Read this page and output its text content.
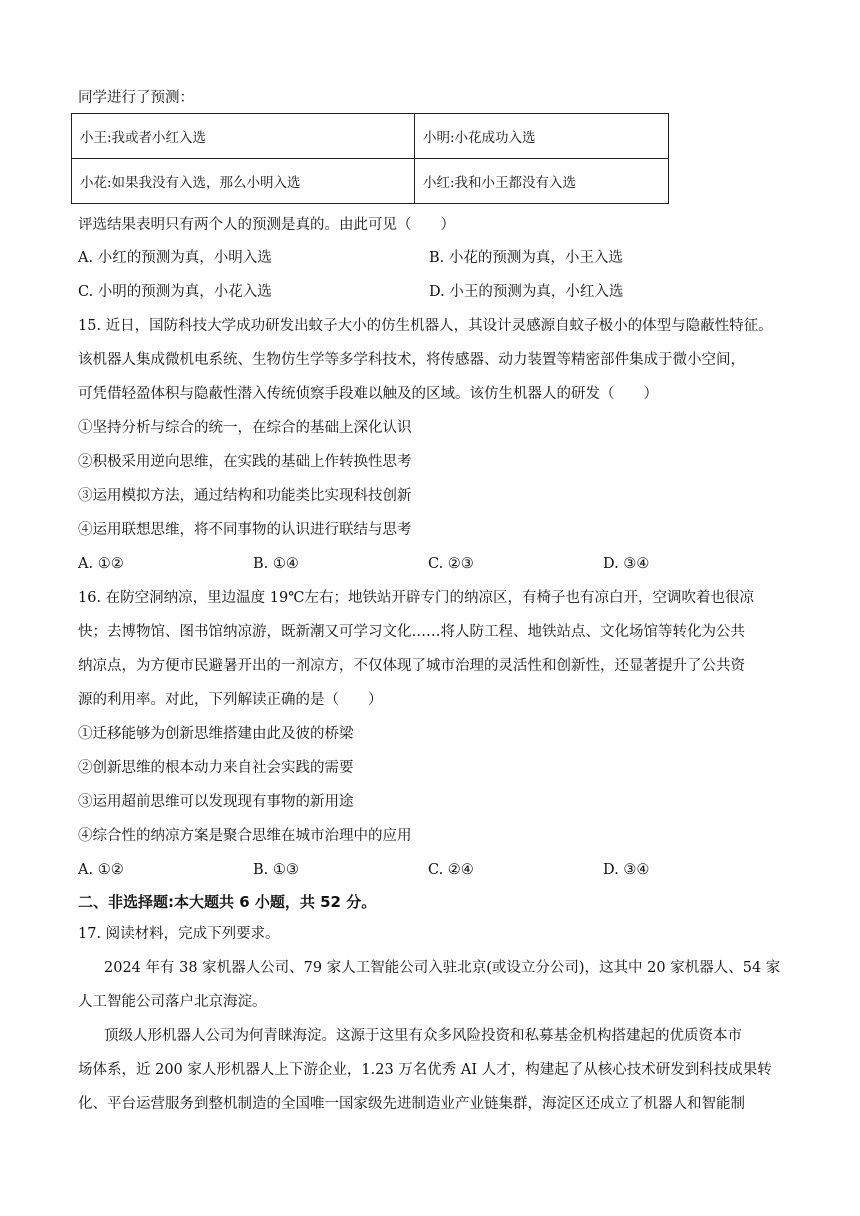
同学进行了预测：
小王:我或者小红入选	小明:小花成功入选
小花:如果我没有入选，那么小明入选	小红:我和小王都没有入选
评选结果表明只有两个人的预测是真的。由此可见（　　）
A. 小红的预测为真，小明入选	B. 小花的预测为真，小王入选
C. 小明的预测为真，小花入选	D. 小王的预测为真，小红入选
15. 近日，国防科技大学成功研发出蚊子大小的仿生机器人，其设计灵感源自蚊子极小的体型与隐蔽性特征。
该机器人集成微机电系统、生物仿生学等多学科技术，将传感器、动力装置等精密部件集成于微小空间，
可凭借轻盈体积与隐蔽性潜入传统侦察手段难以触及的区域。该仿生机器人的研发（　　）
①坚持分析与综合的统一，在综合的基础上深化认识
②积极采用逆向思维，在实践的基础上作转换性思考
③运用模拟方法，通过结构和功能类比实现科技创新
④运用联想思维，将不同事物的认识进行联结与思考
A. ①②	B. ①④	C. ②③	D. ③④
16. 在防空洞纳凉，里边温度 19℃左右；地铁站开辟专门的纳凉区，有椅子也有凉白开，空调吹着也很凉
快；去博物馆、图书馆纳凉游，既新潮又可学习文化……将人防工程、地铁站点、文化场馆等转化为公共
纳凉点，为方便市民避暑开出的一剂凉方，不仅体现了城市治理的灵活性和创新性，还显著提升了公共资
源的利用率。对此，下列解读正确的是（　　）
①迁移能够为创新思维搭建由此及彼的桥梁
②创新思维的根本动力来自社会实践的需要
③运用超前思维可以发现现有事物的新用途
④综合性的纳凉方案是聚合思维在城市治理中的应用
A. ①②	B. ①③	C. ②④	D. ③④
二、非选择题:本大题共 6 小题，共 52 分。
17. 阅读材料，完成下列要求。
2024 年有 38 家机器人公司、79 家人工智能公司入驻北京(或设立分公司)，这其中 20 家机器人、54 家
人工智能公司落户北京海淀。
顶级人形机器人公司为何青睐海淀。这源于这里有众多风险投资和私募基金机构搭建起的优质资本市
场体系，近 200 家人形机器人上下游企业，1.23 万名优秀 AI 人才，构建起了从核心技术研发到科技成果转
化、平台运营服务到整机制造的全国唯一国家级先进制造业产业链集群，海淀区还成立了机器人和智能制
